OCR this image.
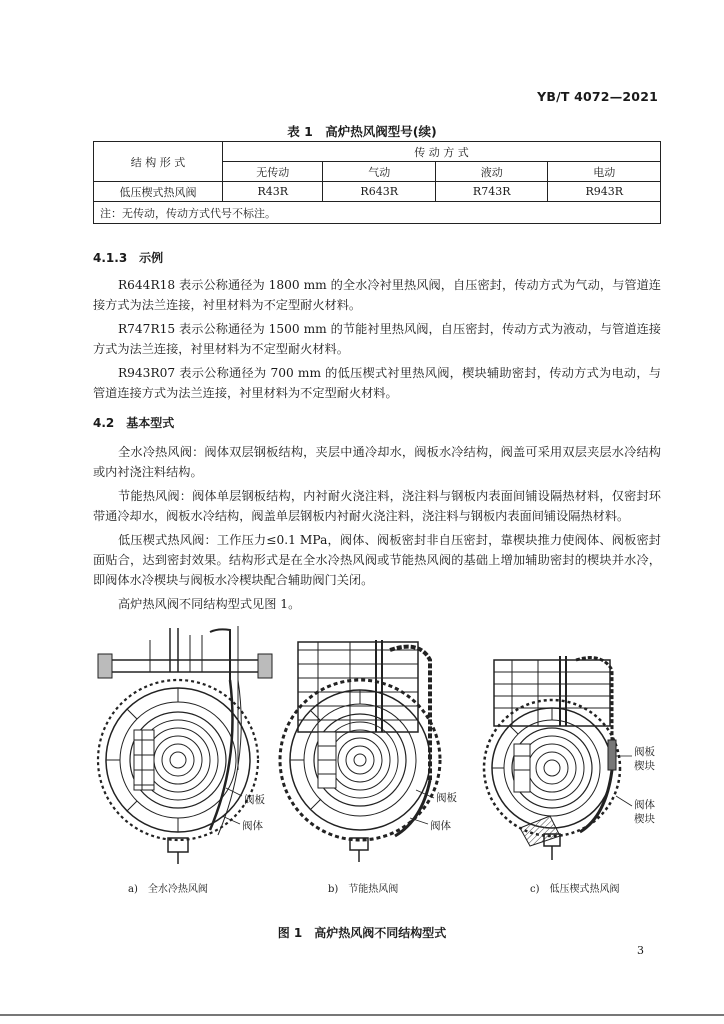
YB/T 4072—2021
表 1　高炉热风阀型号(续)
结 构 形 式	传 动 方 式			
	无传动	气动	液动	电动
低压楔式热风阀	R43R	R643R	R743R	R943R
注：无传动，传动方式代号不标注。				
4.1.3　示例
R644R18 表示公称通径为 1800 mm 的全水冷衬里热风阀，自压密封，传动方式为气动，与管道连接方式为法兰连接，衬里材料为不定型耐火材料。
R747R15 表示公称通径为 1500 mm 的节能衬里热风阀，自压密封，传动方式为液动，与管道连接方式为法兰连接，衬里材料为不定型耐火材料。
R943R07 表示公称通径为 700 mm 的低压楔式衬里热风阀，楔块辅助密封，传动方式为电动，与管道连接方式为法兰连接，衬里材料为不定型耐火材料。
4.2　基本型式
全水冷热风阀：阀体双层钢板结构，夹层中通冷却水，阀板水冷结构，阀盖可采用双层夹层水冷结构或内衬浇注料结构。
节能热风阀：阀体单层钢板结构，内衬耐火浇注料，浇注料与钢板内表面间铺设隔热材料，仅密封环带通冷却水，阀板水冷结构，阀盖单层钢板内衬耐火浇注料，浇注料与钢板内表面间铺设隔热材料。
低压楔式热风阀：工作压力≤0.1 MPa，阀体、阀板密封非自压密封，靠楔块推力使阀体、阀板密封面贴合，达到密封效果。结构形式是在全水冷热风阀或节能热风阀的基础上增加辅助密封的楔块并水冷，即阀体水冷楔块与阀板水冷楔块配合辅助阀门关闭。
高炉热风阀不同结构型式见图 1。
阀板
阀体
阀板
阀体
阀板
楔块
阀体
楔块
a)　全水冷热风阀	b)　节能热风阀	c)　低压楔式热风阀
图 1　高炉热风阀不同结构型式
3
